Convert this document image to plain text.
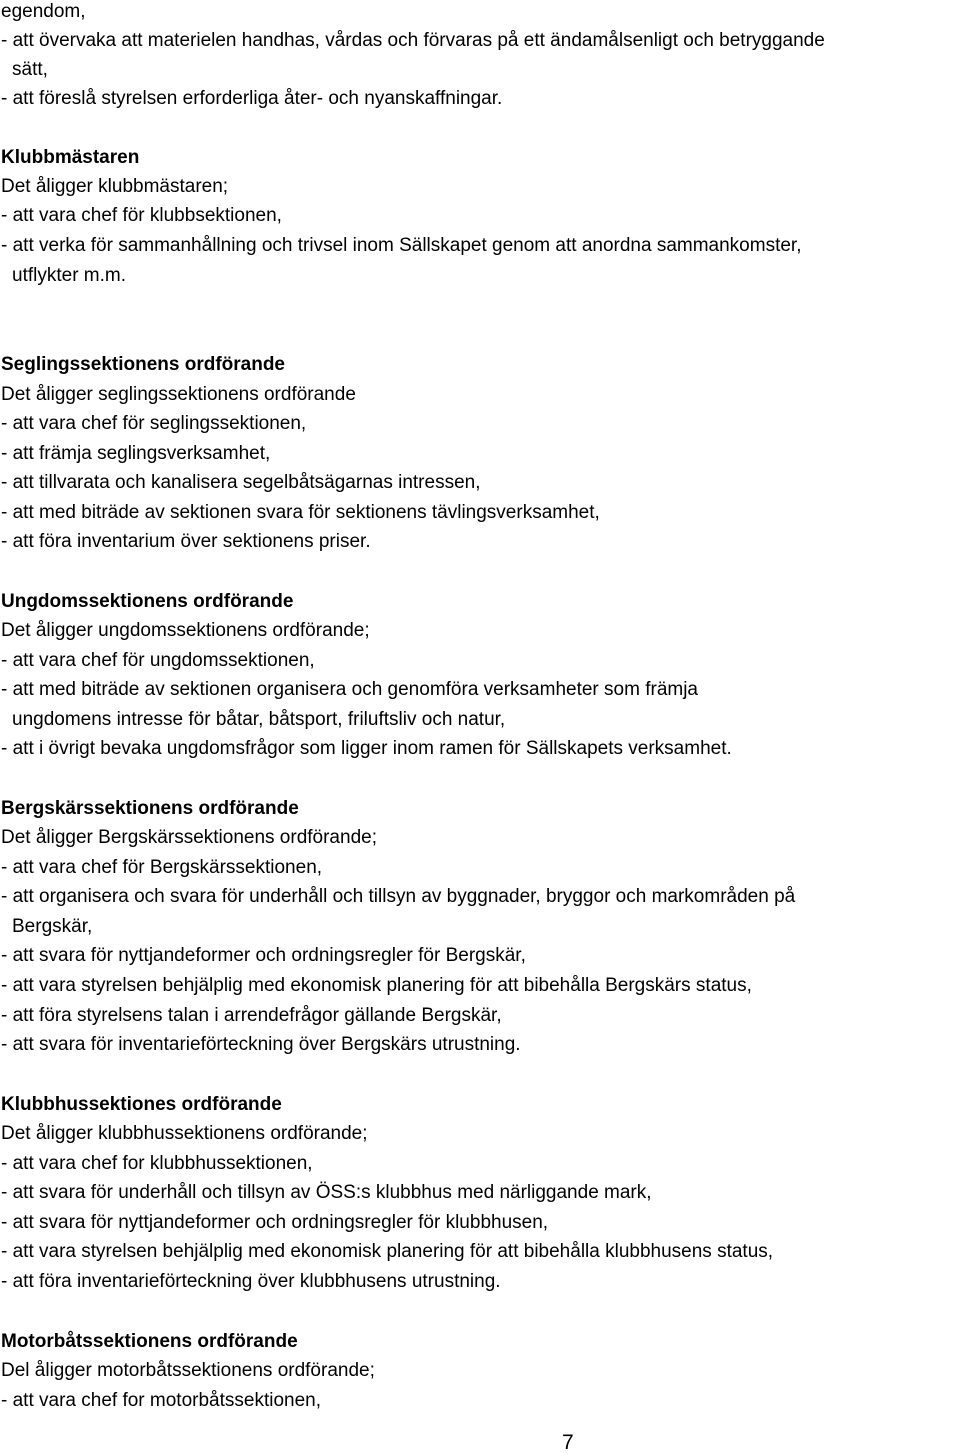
egendom,
- att övervaka att materielen handhas, vårdas och förvaras på ett ändamålsenligt och betryggande
sätt,
- att föreslå styrelsen erforderliga åter- och nyanskaffningar.
Klubbmästaren
Det åligger klubbmästaren;
- att vara chef för klubbsektionen,
- att verka för sammanhållning och trivsel inom Sällskapet genom att anordna sammankomster,
utflykter m.m.
Seglingssektionens ordförande
Det åligger seglingssektionens ordförande
- att vara chef för seglingssektionen,
- att främja seglingsverksamhet,
- att tillvarata och kanalisera segelbåtsägarnas intressen,
- att med biträde av sektionen svara för sektionens tävlingsverksamhet,
- att föra inventarium över sektionens priser.
Ungdomssektionens ordförande
Det åligger ungdomssektionens ordförande;
- att vara chef för ungdomssektionen,
- att med biträde av sektionen organisera och genomföra verksamheter som främja
ungdomens intresse för båtar, båtsport, friluftsliv och natur,
- att i övrigt bevaka ungdomsfrågor som ligger inom ramen för Sällskapets verksamhet.
Bergskärssektionens ordförande
Det åligger Bergskärssektionens ordförande;
- att vara chef för Bergskärssektionen,
- att organisera och svara för underhåll och tillsyn av byggnader, bryggor och markområden på
Bergskär,
- att svara för nyttjandeformer och ordningsregler för Bergskär,
- att vara styrelsen behjälplig med ekonomisk planering för att bibehålla Bergskärs status,
- att föra styrelsens talan i arrendefrågor gällande Bergskär,
- att svara för inventarieförteckning över Bergskärs utrustning.
Klubbhussektiones ordförande
Det åligger klubbhussektionens ordförande;
- att vara chef for klubbhussektionen,
- att svara för underhåll och tillsyn av ÖSS:s klubbhus med närliggande mark,
- att svara för nyttjandeformer och ordningsregler för klubbhusen,
- att vara styrelsen behjälplig med ekonomisk planering för att bibehålla klubbhusens status,
- att föra inventarieförteckning över klubbhusens utrustning.
Motorbåtssektionens ordförande
Del åligger motorbåtssektionens ordförande;
- att vara chef for motorbåtssektionen,
7
